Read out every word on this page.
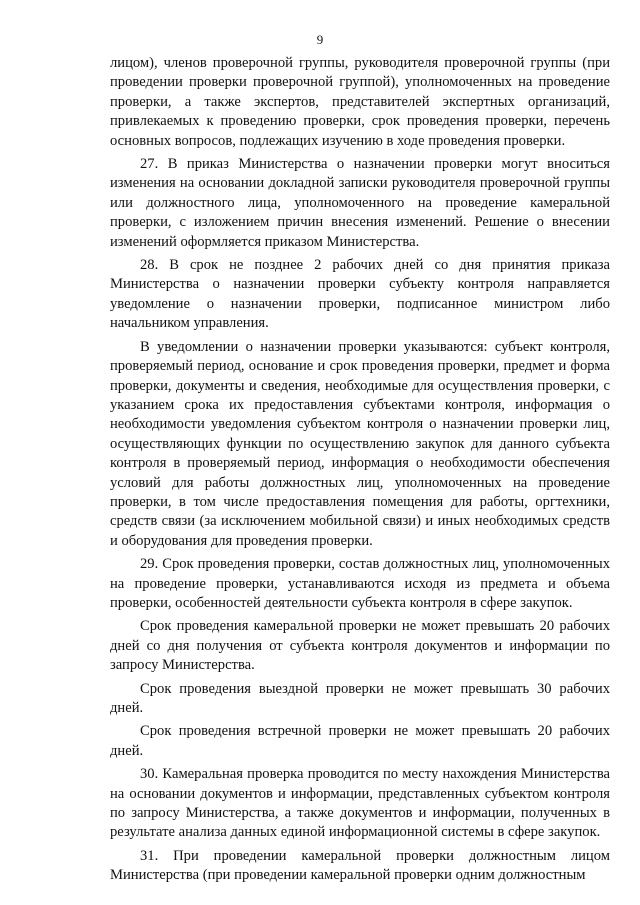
9

лицом), членов проверочной группы, руководителя проверочной группы (при проведении проверки проверочной группой), уполномоченных на проведение проверки, а также экспертов, представителей экспертных организаций, привлекаемых к проведению проверки, срок проведения проверки, перечень основных вопросов, подлежащих изучению в ходе проведения проверки.

27. В приказ Министерства о назначении проверки могут вноситься изменения на основании докладной записки руководителя проверочной группы или должностного лица, уполномоченного на проведение камеральной проверки, с изложением причин внесения изменений. Решение о внесении изменений оформляется приказом Министерства.

28. В срок не позднее 2 рабочих дней со дня принятия приказа Министерства о назначении проверки субъекту контроля направляется уведомление о назначении проверки, подписанное министром либо начальником управления.

В уведомлении о назначении проверки указываются: субъект контроля, проверяемый период, основание и срок проведения проверки, предмет и форма проверки, документы и сведения, необходимые для осуществления проверки, с указанием срока их предоставления субъектами контроля, информация о необходимости уведомления субъектом контроля о назначении проверки лиц, осуществляющих функции по осуществлению закупок для данного субъекта контроля в проверяемый период, информация о необходимости обеспечения условий для работы должностных лиц, уполномоченных на проведение проверки, в том числе предоставления помещения для работы, оргтехники, средств связи (за исключением мобильной связи) и иных необходимых средств и оборудования для проведения проверки.

29. Срок проведения проверки, состав должностных лиц, уполномоченных на проведение проверки, устанавливаются исходя из предмета и объема проверки, особенностей деятельности субъекта контроля в сфере закупок.

Срок проведения камеральной проверки не может превышать 20 рабочих дней со дня получения от субъекта контроля документов и информации по запросу Министерства.

Срок проведения выездной проверки не может превышать 30 рабочих дней.

Срок проведения встречной проверки не может превышать 20 рабочих дней.

30. Камеральная проверка проводится по месту нахождения Министерства на основании документов и информации, представленных субъектом контроля по запросу Министерства, а также документов и информации, полученных в результате анализа данных единой информационной системы в сфере закупок.

31. При проведении камеральной проверки должностным лицом Министерства (при проведении камеральной проверки одним должностным
